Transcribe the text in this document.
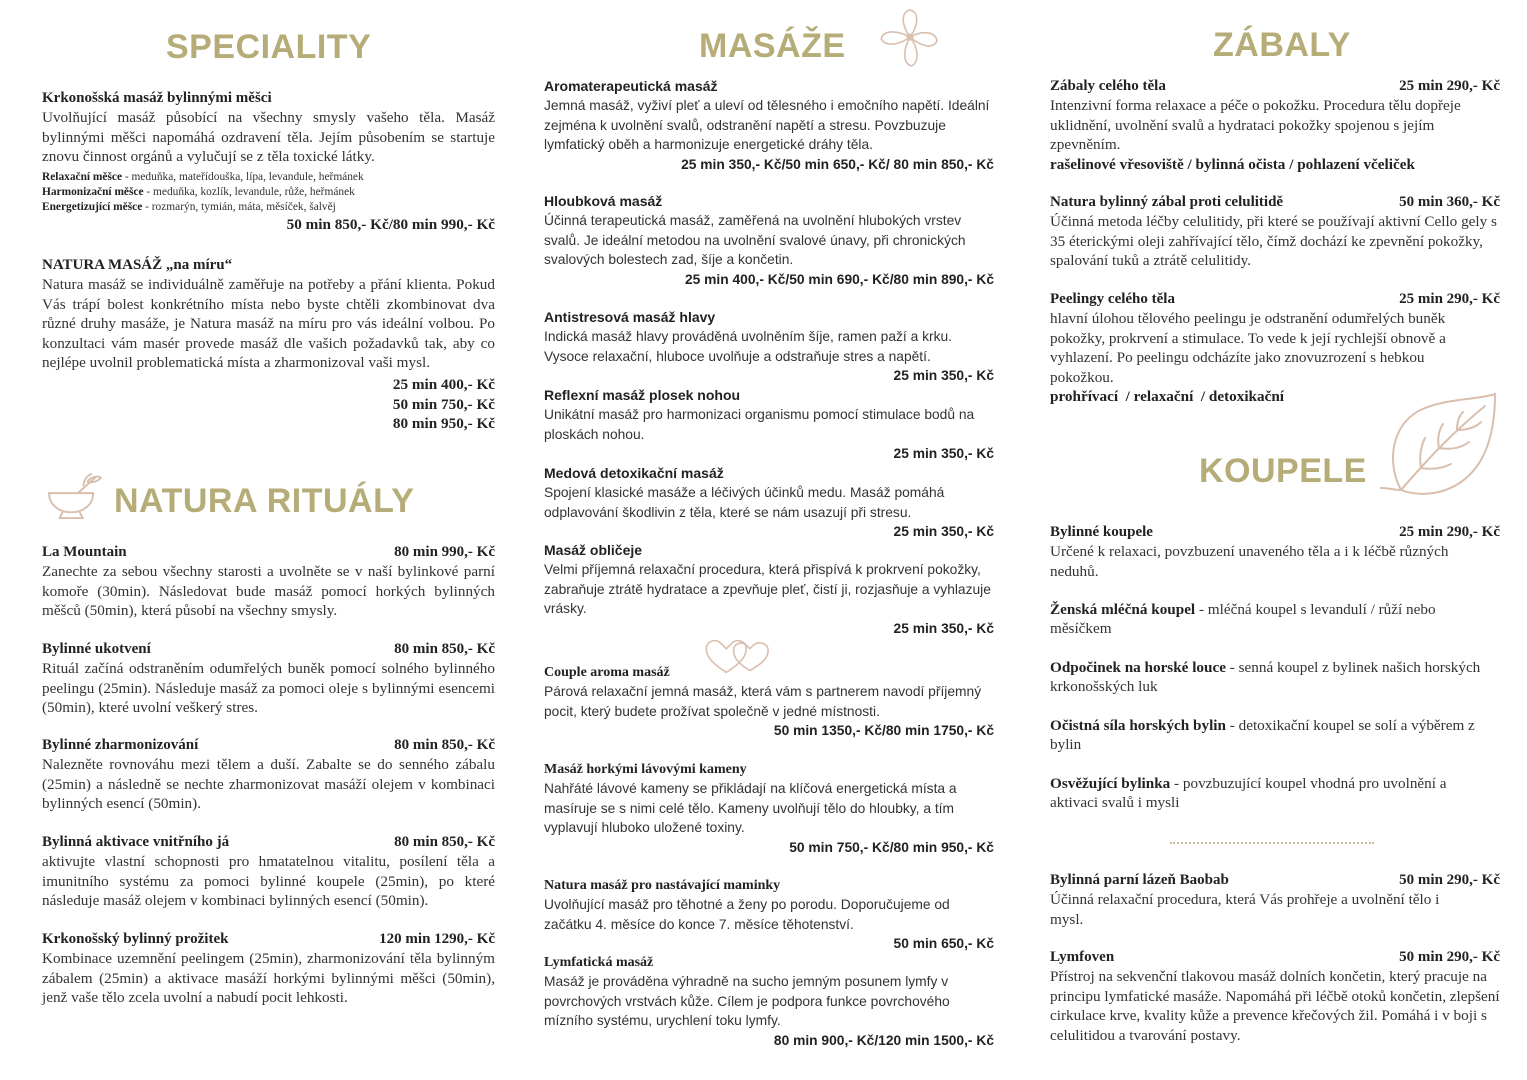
SPECIALITY
Krkonošská masáž bylinnými měšci
Uvolňující masáž působící na všechny smysly vašeho těla. Masáž bylinnými měšci napomáhá ozdravení těla. Jejím působením se startuje znovu činnost orgánů a vylučují se z těla toxické látky.
Relaxační měšce - meduňka, mateřídouška, lípa, levandule, heřmánek
Harmonizační měšce - meduňka, kozlík, levandule, růže, heřmánek
Energetizující měšce - rozmarýn, tymián, máta, měsíček, šalvěj
50 min 850,- Kč/80 min 990,- Kč
NATURA MASÁŽ „na míru“
Natura masáž se individuálně zaměřuje na potřeby a přání klienta. Pokud Vás trápí bolest konkrétního místa nebo byste chtěli zkombinovat dva různé druhy masáže, je Natura masáž na míru pro vás ideální volbou. Po konzultaci vám masér provede masáž dle vašich požadavků tak, aby co nejlépe uvolnil problematická místa a zharmonizoval vaši mysl.
25 min 400,- Kč
50 min 750,- Kč
80 min 950,- Kč
NATURA RITUÁLY
La Mountain	80 min 990,- Kč
Zanechte za sebou všechny starosti a uvolněte se v naší bylinkové parní komoře (30min). Následovat bude masáž pomocí horkých bylinných měšců (50min), která působí na všechny smysly.
Bylinné ukotvení	80 min 850,- Kč
Rituál začíná odstraněním odumřelých buněk pomocí solného bylinného peelingu (25min). Následuje masáž za pomoci oleje s bylinnými esencemi (50min), které uvolní veškerý stres.
Bylinné zharmonizování	80 min 850,- Kč
Nalezněte rovnováhu mezi tělem a duší. Zabalte se do senného zábalu (25min) a následně se nechte zharmonizovat masáží olejem v kombinaci bylinných esencí (50min).
Bylinná aktivace vnitřního já	80 min 850,- Kč
aktivujte vlastní schopnosti pro hmatatelnou vitalitu, posílení těla a imunitního systému za pomoci bylinné koupele (25min), po které následuje masáž olejem v kombinaci bylinných esencí (50min).
Krkonošský bylinný prožitek	120 min 1290,- Kč
Kombinace uzemnění peelingem (25min), zharmonizování těla bylinným zábalem (25min) a aktivace masáží horkými bylinnými měšci (50min), jenž vaše tělo zcela uvolní a nabudí pocit lehkosti.
MASÁŽE
Aromaterapeutická masáž
Jemná masáž, vyživí pleť a uleví od tělesného i emočního napětí. Ideální zejména k uvolnění svalů, odstranění napětí a stresu. Povzbuzuje lymfatický oběh a harmonizuje energetické dráhy těla.
25 min 350,- Kč/50 min 650,- Kč/ 80 min 850,- Kč
Hloubková masáž
Účinná terapeutická masáž, zaměřená na uvolnění hlubokých vrstev svalů. Je ideální metodou na uvolnění svalové únavy, při chronických svalových bolestech zad, šíje a končetin.
25 min 400,- Kč/50 min 690,- Kč/80 min 890,- Kč
Antistresová masáž hlavy
Indická masáž hlavy prováděná uvolněním šíje, ramen paží a krku. Vysoce relaxační, hluboce uvolňuje a odstraňuje stres a napětí.
25 min 350,- Kč
Reflexní masáž plosek nohou
Unikátní masáž pro harmonizaci organismu pomocí stimulace bodů na ploskách nohou.
25 min 350,- Kč
Medová detoxikační masáž
Spojení klasické masáže a léčivých účinků medu. Masáž pomáhá odplavování škodlivin z těla, které se nám usazují při stresu.
25 min 350,- Kč
Masáž obličeje
Velmi příjemná relaxační procedura, která přispívá k prokrvení pokožky, zabraňuje ztrátě hydratace a zpevňuje pleť, čistí ji, rozjasňuje a vyhlazuje vrásky.
25 min 350,- Kč
Couple aroma masáž
Párová relaxační jemná masáž, která vám s partnerem navodí příjemný pocit, který budete prožívat společně v jedné místnosti.
50 min 1350,- Kč/80 min 1750,- Kč
Masáž horkými lávovými kameny
Nahřáté lávové kameny se přikládají na klíčová energetická místa a masíruje se s nimi celé tělo. Kameny uvolňují tělo do hloubky, a tím vyplavují hluboko uložené toxiny.
50 min 750,- Kč/80 min 950,- Kč
Natura masáž pro nastávající maminky
Uvolňující masáž pro těhotné a ženy po porodu. Doporučujeme od začátku 4. měsíce do konce 7. měsíce těhotenství.
50 min 650,- Kč
Lymfatická masáž
Masáž je prováděna výhradně na sucho jemným posunem lymfy v povrchových vrstvách kůže. Cílem je podpora funkce povrchového mízního systému, urychlení toku lymfy.
80 min 900,- Kč/120 min 1500,- Kč
ZÁBALY
Zábaly celého těla	25 min 290,- Kč
Intenzivní forma relaxace a péče o pokožku. Procedura tělu dopřeje uklidnění, uvolnění svalů a hydrataci pokožky spojenou s jejím zpevněním.
rašelinové vřesoviště / bylinná očista / pohlazení včeliček
Natura bylinný zábal proti celulitidě	50 min 360,- Kč
Účinná metoda léčby celulitidy, při které se používají aktivní Cello gely s 35 éterickými oleji zahřívající tělo, čímž dochází ke zpevnění pokožky, spalování tuků a ztrátě celulitidy.
Peelingy celého těla	25 min 290,- Kč
hlavní úlohou tělového peelingu je odstranění odumřelých buněk pokožky, prokrvení a stimulace. To vede k její rychlejší obnově a vyhlazení. Po peelingu odcházíte jako znovuzrození s hebkou pokožkou.
prohřívací  / relaxační  / detoxikační
KOUPELE
Bylinné koupele	25 min 290,- Kč
Určené k relaxaci, povzbuzení unaveného těla a i k léčbě různých neduhů.
Ženská mléčná koupel - mléčná koupel s levandulí / růží nebo měsíčkem
Odpočinek na horské louce - senná koupel z bylinek našich horských krkonošských luk
Očistná síla horských bylin - detoxikační koupel se solí a výběrem z bylin
Osvěžující bylinka - povzbuzující koupel vhodná pro uvolnění a aktivaci svalů i mysli
Bylinná parní lázeň Baobab	50 min 290,- Kč
Účinná relaxační procedura, která Vás prohřeje a uvolnění tělo i mysl.
Lymfoven	50 min 290,- Kč
Přístroj na sekvenční tlakovou masáž dolních končetin, který pracuje na principu lymfatické masáže. Napomáhá při léčbě otoků končetin, zlepšení cirkulace krve, kvality kůže a prevence křečových žil. Pomáhá i v boji s celulitidou a tvarování postavy.
